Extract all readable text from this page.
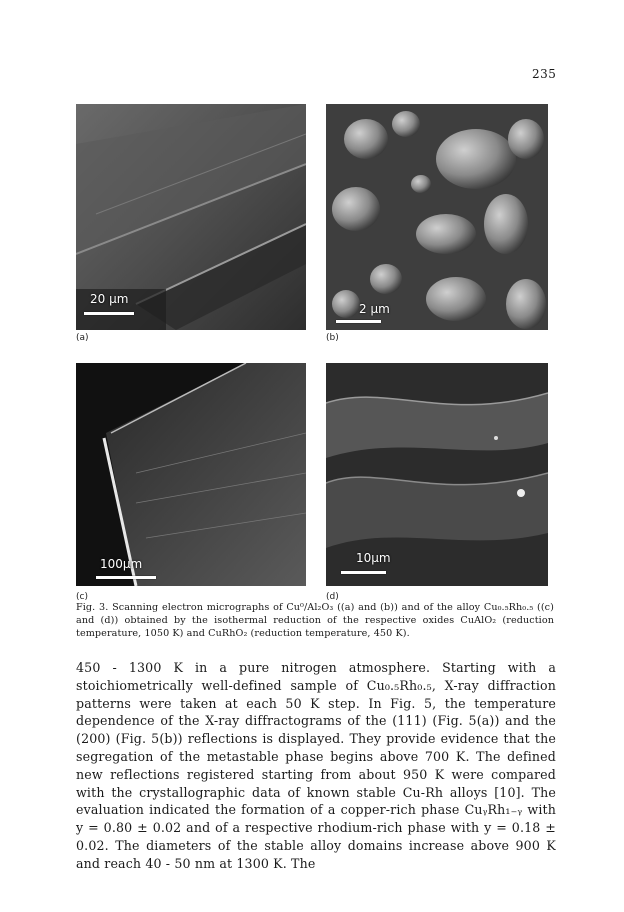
235
20 µm
(a)
2 µm
(b)
100µm
(c)
10µm
(d)
Fig. 3. Scanning electron micrographs of Cu⁰/Al₂O₃ ((a) and (b)) and of the alloy Cu₀.₅Rh₀.₅ ((c) and (d)) obtained by the isothermal reduction of the respective oxides CuAlO₂ (reduction temperature, 1050 K) and CuRhO₂ (reduction temperature, 450 K).

450 - 1300 K in a pure nitrogen atmosphere. Starting with a stoichiometrically well-defined sample of Cu₀.₅Rh₀.₅, X-ray diffraction patterns were taken at each 50 K step. In Fig. 5, the temperature dependence of the X-ray diffractograms of the (111) (Fig. 5(a)) and the (200) (Fig. 5(b)) reflections is displayed. They provide evidence that the segregation of the metastable phase begins above 700 K. The defined new reflections registered starting from about 950 K were compared with the crystallographic data of known stable Cu-Rh alloys [10]. The evaluation indicated the formation of a copper-rich phase CuᵧRh₁₋ᵧ with y = 0.80 ± 0.02 and of a respective rhodium-rich phase with y = 0.18 ± 0.02. The diameters of the stable alloy domains increase above 900 K and reach 40 - 50 nm at 1300 K. The
